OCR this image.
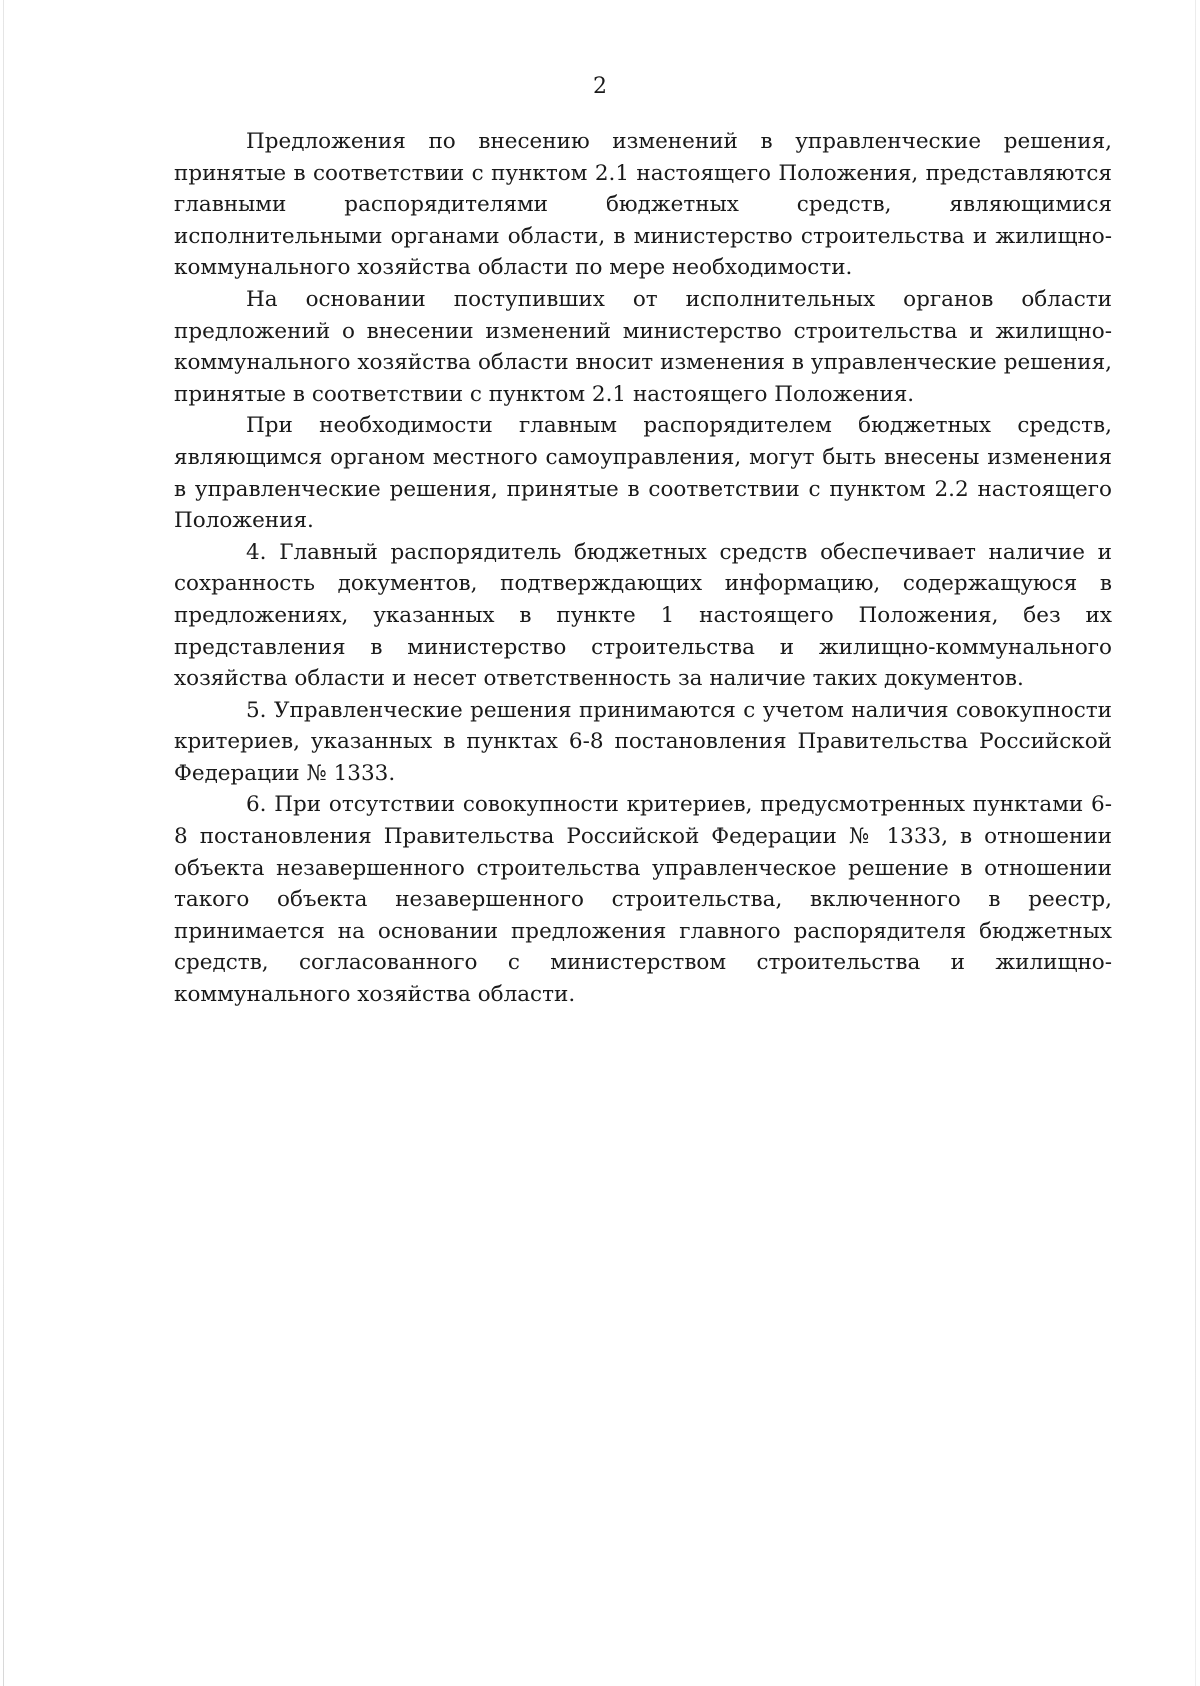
2

Предложения по внесению изменений в управленческие решения, принятые в соответствии с пунктом 2.1 настоящего Положения, представляются главными распорядителями бюджетных средств, являющимися исполнительными органами области, в министерство строительства и жилищно-коммунального хозяйства области по мере необходимости.

На основании поступивших от исполнительных органов области предложений о внесении изменений министерство строительства и жилищно-коммунального хозяйства области вносит изменения в управленческие решения, принятые в соответствии с пунктом 2.1 настоящего Положения.

При необходимости главным распорядителем бюджетных средств, являющимся органом местного самоуправления, могут быть внесены изменения в управленческие решения, принятые в соответствии с пунктом 2.2 настоящего Положения.

4. Главный распорядитель бюджетных средств обеспечивает наличие и сохранность документов, подтверждающих информацию, содержащуюся в предложениях, указанных в пункте 1 настоящего Положения, без их представления в министерство строительства и жилищно-коммунального хозяйства области и несет ответственность за наличие таких документов.

5. Управленческие решения принимаются с учетом наличия совокупности критериев, указанных в пунктах 6-8 постановления Правительства Российской Федерации № 1333.

6. При отсутствии совокупности критериев, предусмотренных пунктами 6-8 постановления Правительства Российской Федерации № 1333, в отношении объекта незавершенного строительства управленческое решение в отношении такого объекта незавершенного строительства, включенного в реестр, принимается на основании предложения главного распорядителя бюджетных средств, согласованного с министерством строительства и жилищно-коммунального хозяйства области.
